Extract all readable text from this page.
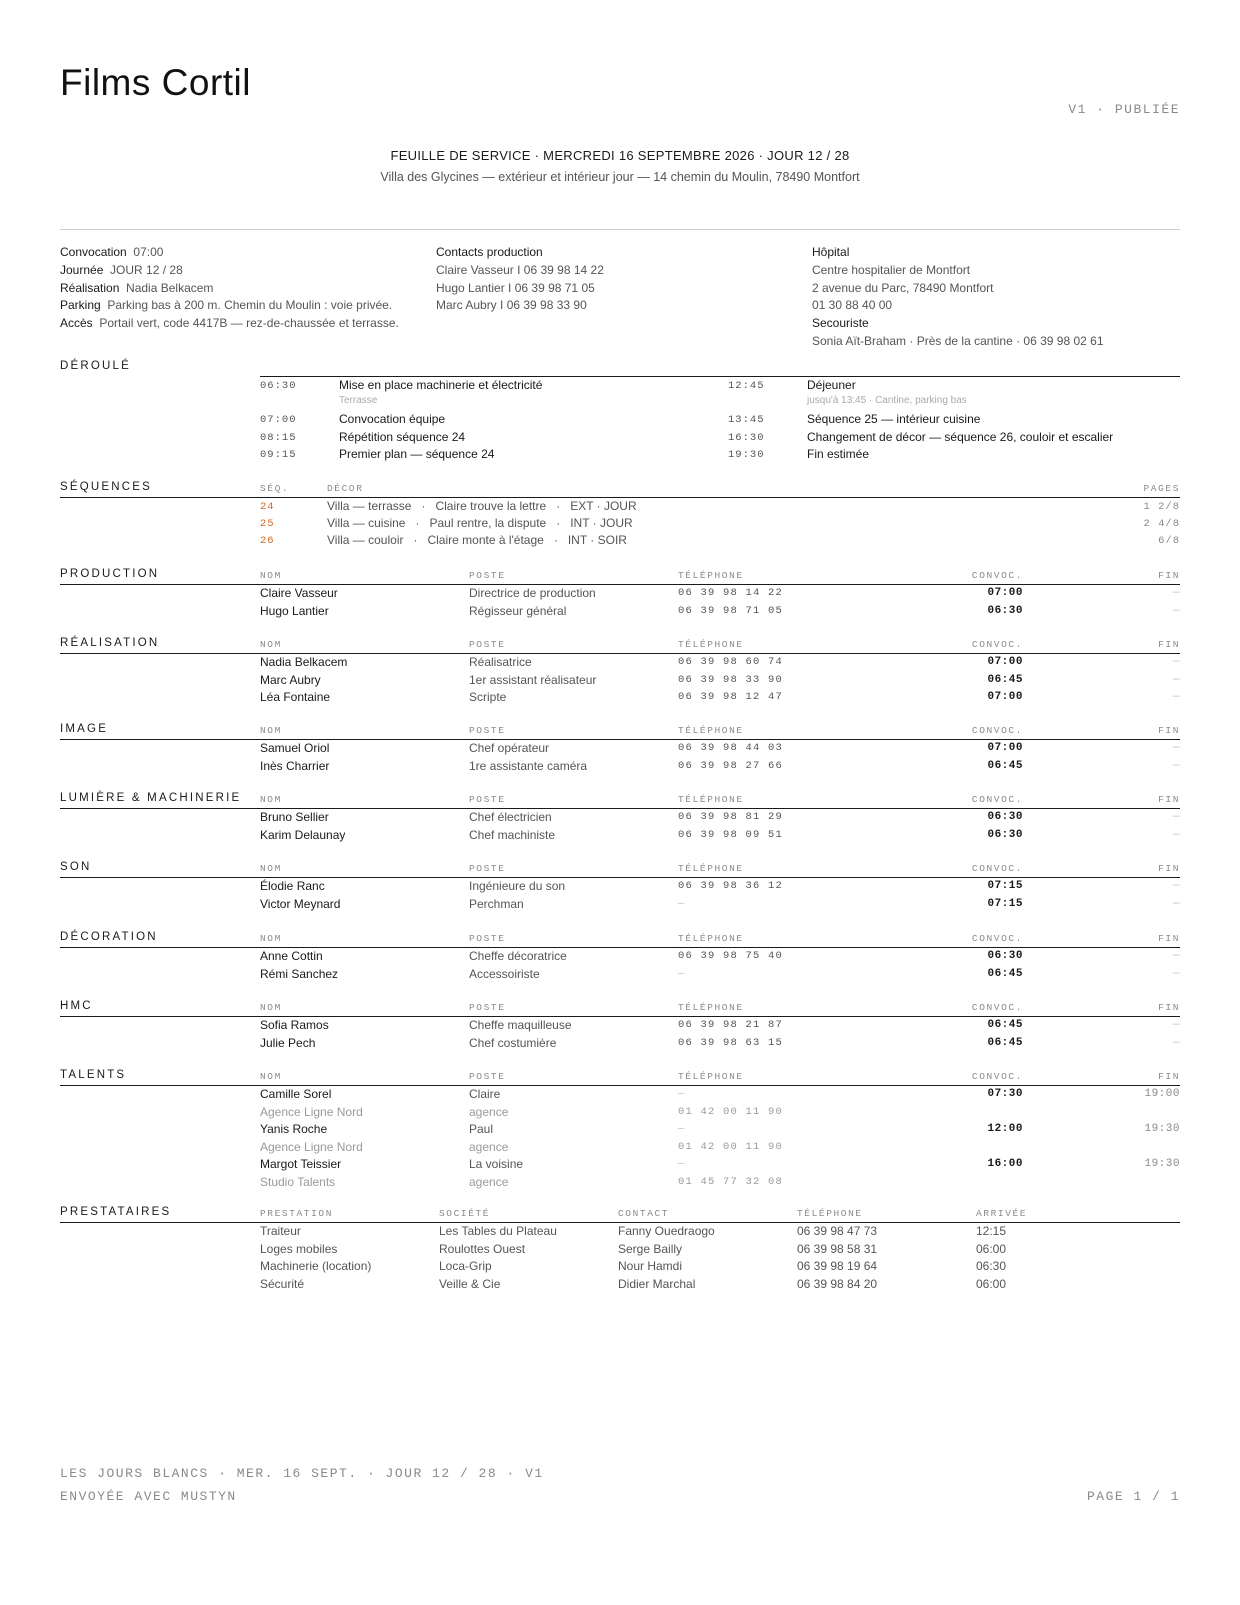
Films Cortil
V1 · PUBLIÉE
FEUILLE DE SERVICE · MERCREDI 16 SEPTEMBRE 2026 · JOUR 12 / 28
Villa des Glycines — extérieur et intérieur jour — 14 chemin du Moulin, 78490 Montfort
Convocation 07:00
Journée JOUR 12 / 28
Réalisation Nadia Belkacem
Parking Parking bas à 200 m. Chemin du Moulin : voie privée.
Accès Portail vert, code 4417B — rez-de-chaussée et terrasse.
Contacts production
Claire Vasseur I 06 39 98 14 22
Hugo Lantier I 06 39 98 71 05
Marc Aubry I 06 39 98 33 90
Hôpital
Centre hospitalier de Montfort
2 avenue du Parc, 78490 Montfort
01 30 88 40 00
Secouriste
Sonia Aït-Braham · Près de la cantine · 06 39 98 02 61
DÉROULÉ
06:30	Mise en place machinerie et électricité
Terrasse
07:00	Convocation équipe
08:15	Répétition séquence 24
09:15	Premier plan — séquence 24
12:45	Déjeuner
jusqu'à 13:45 · Cantine, parking bas
13:45	Séquence 25 — intérieur cuisine
16:30	Changement de décor — séquence 26, couloir et escalier
19:30	Fin estimée
SÉQUENCES	SÉQ.	DÉCOR	PAGES
24	Villa — terrasse   ·   Claire trouve la lettre   ·   EXT · JOUR	1 2/8
25	Villa — cuisine   ·   Paul rentre, la dispute   ·   INT · JOUR	2 4/8
26	Villa — couloir   ·   Claire monte à l'étage   ·   INT · SOIR	6/8
PRODUCTION	NOM	POSTE	TÉLÉPHONE	CONVOC.	FIN
Claire Vasseur	Directrice de production	06 39 98 14 22	07:00	—
Hugo Lantier	Régisseur général	06 39 98 71 05	06:30	—
RÉALISATION	NOM	POSTE	TÉLÉPHONE	CONVOC.	FIN
Nadia Belkacem	Réalisatrice	06 39 98 60 74	07:00	—
Marc Aubry	1er assistant réalisateur	06 39 98 33 90	06:45	—
Léa Fontaine	Scripte	06 39 98 12 47	07:00	—
IMAGE	NOM	POSTE	TÉLÉPHONE	CONVOC.	FIN
Samuel Oriol	Chef opérateur	06 39 98 44 03	07:00	—
Inès Charrier	1re assistante caméra	06 39 98 27 66	06:45	—
LUMIÈRE & MACHINERIE NOM	POSTE	TÉLÉPHONE	CONVOC.	FIN
Bruno Sellier	Chef électricien	06 39 98 81 29	06:30	—
Karim Delaunay	Chef machiniste	06 39 98 09 51	06:30	—
SON	NOM	POSTE	TÉLÉPHONE	CONVOC.	FIN
Élodie Ranc	Ingénieure du son	06 39 98 36 12	07:15	—
Victor Meynard	Perchman	—	07:15	—
DÉCORATION	NOM	POSTE	TÉLÉPHONE	CONVOC.	FIN
Anne Cottin	Cheffe décoratrice	06 39 98 75 40	06:30	—
Rémi Sanchez	Accessoiriste	—	06:45	—
HMC	NOM	POSTE	TÉLÉPHONE	CONVOC.	FIN
Sofia Ramos	Cheffe maquilleuse	06 39 98 21 87	06:45	—
Julie Pech	Chef costumière	06 39 98 63 15	06:45	—
TALENTS	NOM	POSTE	TÉLÉPHONE	CONVOC.	FIN
Camille Sorel	Claire	—	07:30	19:00
Agence Ligne Nord	agence	01 42 00 11 90
Yanis Roche	Paul	—	12:00	19:30
Agence Ligne Nord	agence	01 42 00 11 90
Margot Teissier	La voisine	—	16:00	19:30
Studio Talents	agence	01 45 77 32 08
PRESTATAIRES	PRESTATION	SOCIÉTÉ	CONTACT	TÉLÉPHONE	ARRIVÉE
Traiteur	Les Tables du Plateau	Fanny Ouedraogo	06 39 98 47 73	12:15
Loges mobiles	Roulottes Ouest	Serge Bailly	06 39 98 58 31	06:00
Machinerie (location)	Loca-Grip	Nour Hamdi	06 39 98 19 64	06:30
Sécurité	Veille & Cie	Didier Marchal	06 39 98 84 20	06:00
LES JOURS BLANCS · MER. 16 SEPT. · JOUR 12 / 28 · V1
ENVOYÉE AVEC MUSTYN	PAGE 1 / 1
